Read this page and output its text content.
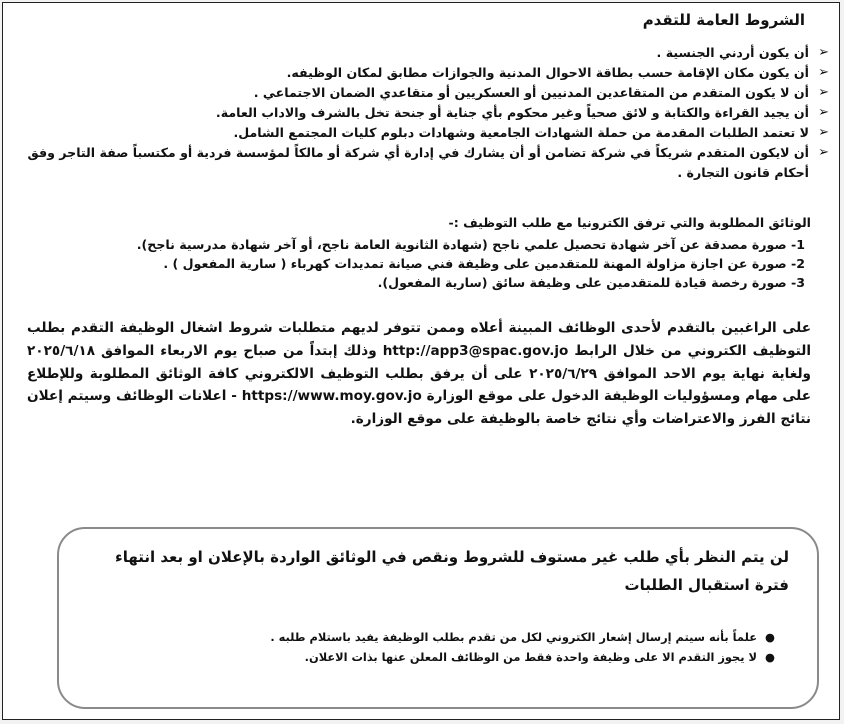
الشروط العامة للتقدم
➢
أن يكون أردني الجنسية .
➢
أن يكون مكان الإقامة حسب بطاقة الاحوال المدنية والجوازات مطابق لمكان الوظيفه.
➢
أن لا يكون المتقدم من المتقاعدين المدنيين أو العسكريين أو متقاعدي الضمان الاجتماعي .
➢
أن يجيد القراءة والكتابة و لائق صحياً وغير محكوم بأي جناية أو جنحة تخل بالشرف والاداب العامة.
➢
لا تعتمد الطلبات المقدمة من حملة الشهادات الجامعية وشهادات دبلوم كليات المجتمع الشامل.
➢
أن لايكون المتقدم شريكاً في شركة تضامن أو أن يشارك في إدارة أي شركة أو مالكاً لمؤسسة فردية أو مكتسباً صفة التاجر وفق أحكام قانون التجارة .
الوثائق المطلوبة والتي ترفق الكترونيا مع طلب التوظيف :-
1- صورة مصدقة عن آخر شهادة تحصيل علمي ناجح (شهادة الثانوية العامة ناجح، أو آخر شهادة مدرسية ناجح).
2- صورة عن اجازة مزاولة المهنة للمتقدمين على وظيفة فني صيانة تمديدات كهرباء ( سارية المفعول ) .
3- صورة رخصة قيادة للمتقدمين على وظيفة سائق (سارية المفعول).
على الراغبين بالتقدم لأحدى الوظائف المبينة أعلاه وممن تتوفر لديهم متطلبات شروط اشغال الوظيفة التقدم بطلب التوظيف الكتروني من خلال الرابط http://app3@spac.gov.jo وذلك إبتداً من صباح يوم الاربعاء الموافق ٢٠٢٥/٦/١٨ ولغاية نهاية يوم الاحد الموافق ٢٠٢٥/٦/٢٩ على أن يرفق بطلب التوظيف الالكتروني كافة الوثائق المطلوبة وللإطلاع على مهام ومسؤوليات الوظيفة الدخول على موقع الوزارة https://www.moy.gov.jo - اعلانات الوظائف وسيتم إعلان نتائج الفرز والاعتراضات وأي نتائج خاصة بالوظيفة على موقع الوزارة.
لن يتم النظر بأي طلب غير مستوف للشروط ونقص في الوثائق الواردة بالإعلان او بعد انتهاء فترة استقبال الطلبات
●
علماً بأنه سيتم إرسال إشعار الكتروني لكل من تقدم بطلب الوظيفة يفيد باستلام طلبه .
●
لا يجوز التقدم الا على وظيفة واحدة فقط من الوظائف المعلن عنها بذات الاعلان.
